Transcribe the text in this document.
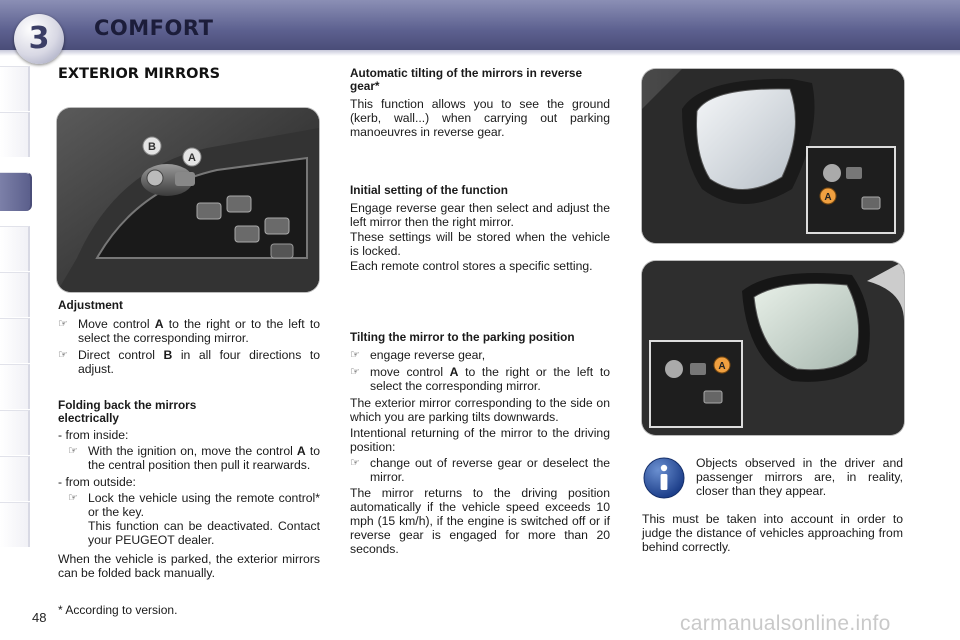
3	COMFORT
EXTERIOR MIRRORS
B
A
Adjustment
☞ Move control A to the right or to the left to select the corresponding mirror.
☞ Direct control B in all four directions to adjust.
Folding back the mirrors electrically
- from inside:
☞ With the ignition on, move the control A to the central position then pull it rearwards.
- from outside:
☞ Lock the vehicle using the remote control* or the key.
This function can be deactivated. Contact your PEUGEOT dealer.

When the vehicle is parked, the exterior mirrors can be folded back manually.

48 * According to version.
Automatic tilting of the mirrors in reverse gear*

This function allows you to see the ground (kerb, wall...) when carrying out parking manoeuvres in reverse gear.

Initial setting of the function

Engage reverse gear then select and adjust the left mirror then the right mirror.

These settings will be stored when the vehicle is locked.

Each remote control stores a specific setting.

Tilting the mirror to the parking position
☞ engage reverse gear,
☞ move control A to the right or the left to select the corresponding mirror.

The exterior mirror corresponding to the side on which you are parking tilts downwards.

Intentional returning of the mirror to the driving position:

☞ change out of reverse gear or deselect the mirror.

The mirror returns to the driving position automatically if the vehicle speed exceeds 10 mph (15 km/h), if the engine is switched off or if reverse gear is engaged for more than 20 seconds.

A
A

Objects observed in the driver and passenger mirrors are, in reality, closer than they appear.

This must be taken into account in order to judge the distance of vehicles approaching from behind correctly.

carmanualsonline.info
